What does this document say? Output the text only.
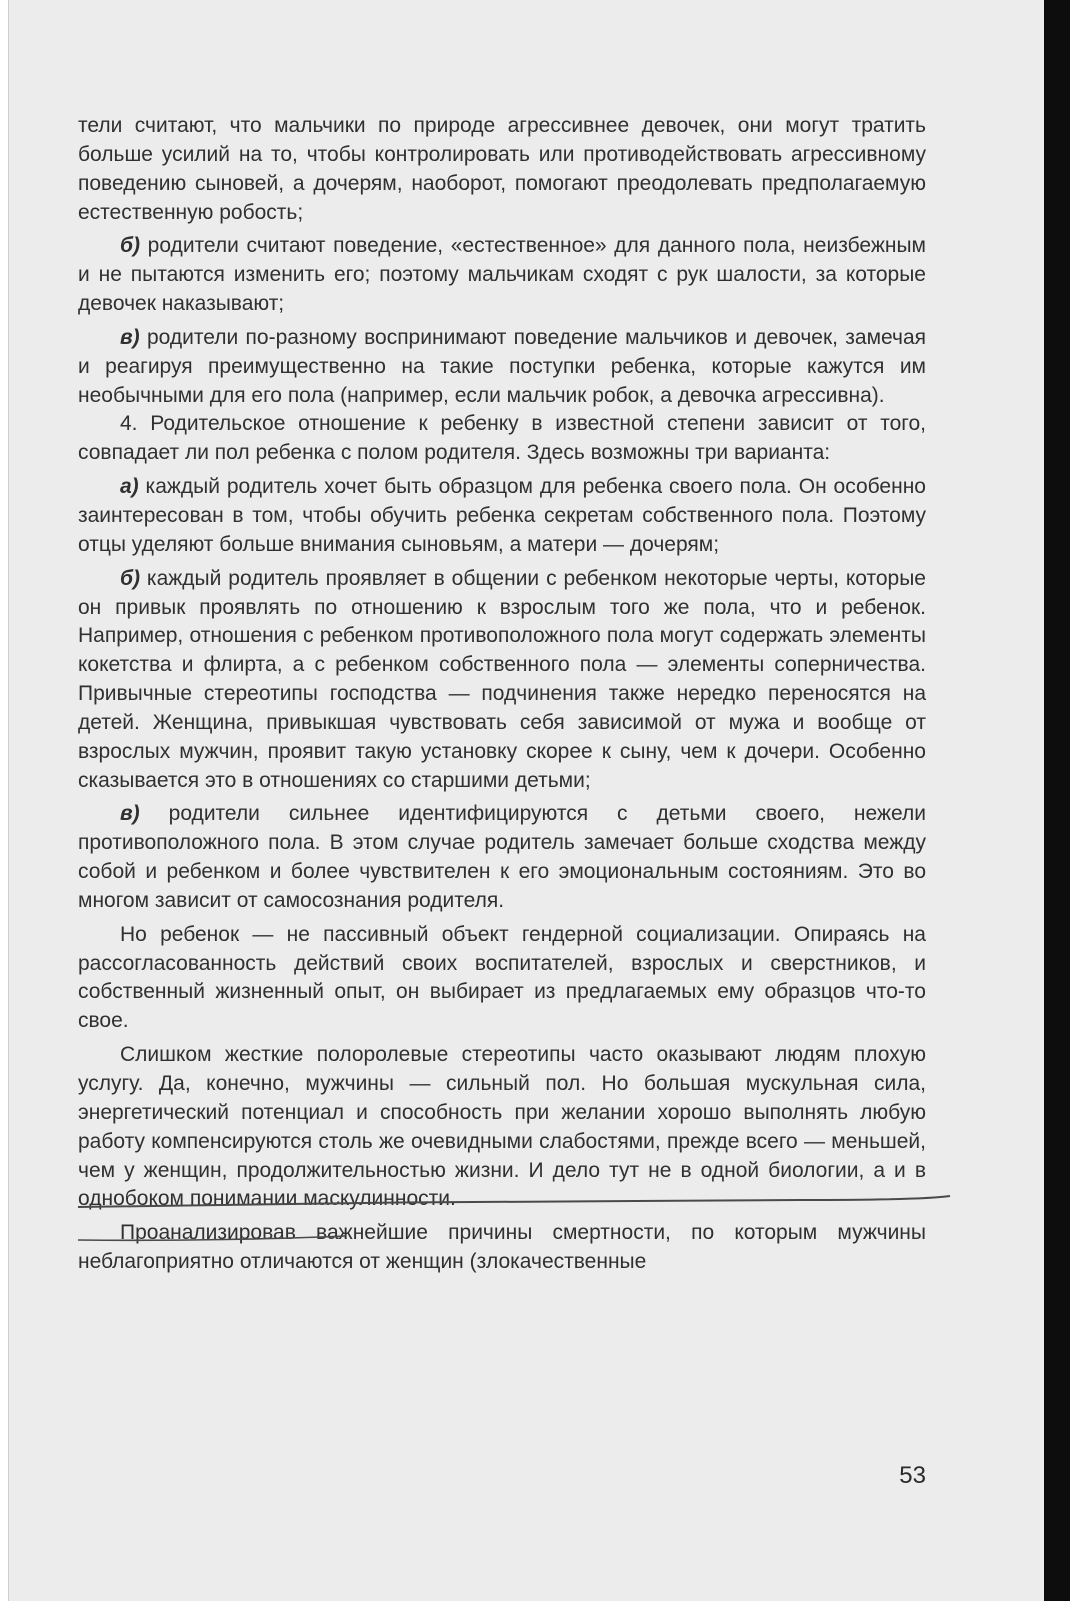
тели считают, что мальчики по природе агрессивнее девочек, они могут тратить больше усилий на то, чтобы контролировать или противодействовать агрессивному поведению сыновей, а дочерям, наоборот, помогают преодолевать предполагаемую естественную робость;

б) родители считают поведение, «естественное» для данного пола, неизбежным и не пытаются изменить его; поэтому мальчикам сходят с рук шалости, за которые девочек наказывают;

в) родители по-разному воспринимают поведение мальчиков и девочек, замечая и реагируя преимущественно на такие поступки ребенка, которые кажутся им необычными для его пола (например, если мальчик робок, а девочка агрессивна).

4. Родительское отношение к ребенку в известной степени зависит от того, совпадает ли пол ребенка с полом родителя. Здесь возможны три варианта:

а) каждый родитель хочет быть образцом для ребенка своего пола. Он особенно заинтересован в том, чтобы обучить ребенка секретам собственного пола. Поэтому отцы уделяют больше внимания сыновьям, а матери — дочерям;

б) каждый родитель проявляет в общении с ребенком некоторые черты, которые он привык проявлять по отношению к взрослым того же пола, что и ребенок. Например, отношения с ребенком противоположного пола могут содержать элементы кокетства и флирта, а с ребенком собственного пола — элементы соперничества. Привычные стереотипы господства — подчинения также нередко переносятся на детей. Женщина, привыкшая чувствовать себя зависимой от мужа и вообще от взрослых мужчин, проявит такую установку скорее к сыну, чем к дочери. Особенно сказывается это в отношениях со старшими детьми;

в) родители сильнее идентифицируются с детьми своего, нежели противоположного пола. В этом случае родитель замечает больше сходства между собой и ребенком и более чувствителен к его эмоциональным состояниям. Это во многом зависит от самосознания родителя.

Но ребенок — не пассивный объект гендерной социализации. Опираясь на рассогласованность действий своих воспитателей, взрослых и сверстников, и собственный жизненный опыт, он выбирает из предлагаемых ему образцов что-то свое.

Слишком жесткие полоролевые стереотипы часто оказывают людям плохую услугу. Да, конечно, мужчины — сильный пол. Но большая мускульная сила, энергетический потенциал и способность при желании хорошо выполнять любую работу компенсируются столь же очевидными слабостями, прежде всего — меньшей, чем у женщин, продолжительностью жизни. И дело тут не в одной биологии, а и в однобоком понимании маскулинности.

Проанализировав важнейшие причины смертности, по которым мужчины неблагоприятно отличаются от женщин (злокачественные

53
